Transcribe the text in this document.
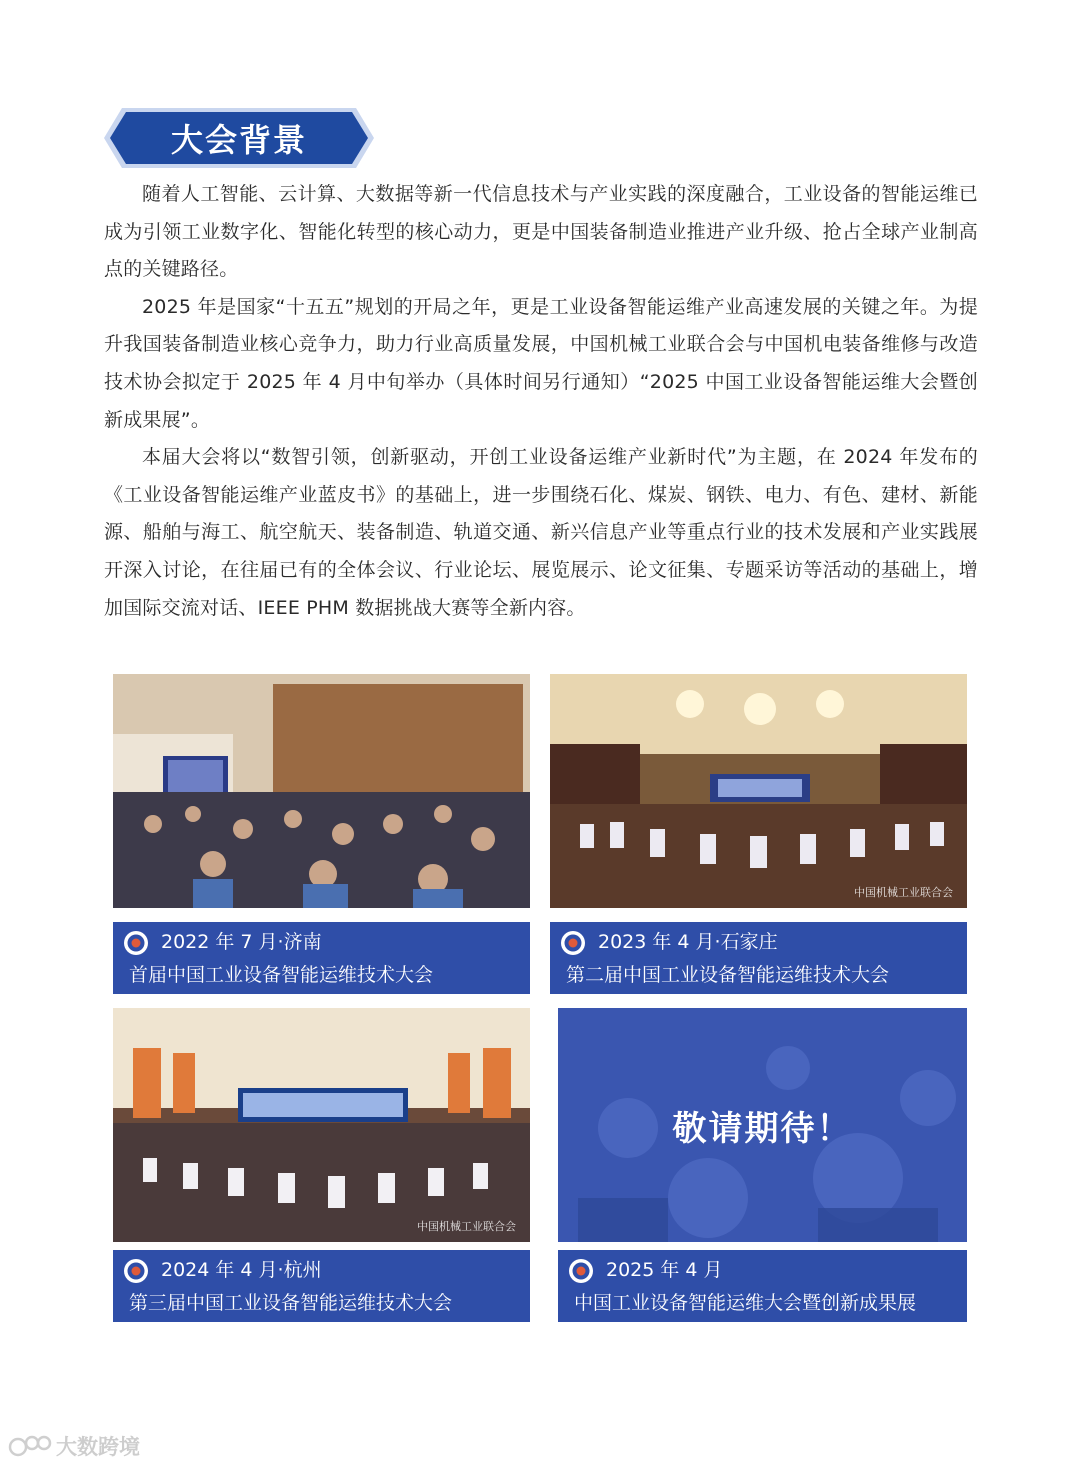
大会背景

随着人工智能、云计算、大数据等新一代信息技术与产业实践的深度融合，工业设备的智能运维已成为引领工业数字化、智能化转型的核心动力，更是中国装备制造业推进产业升级、抢占全球产业制高点的关键路径。

2025 年是国家“十五五”规划的开局之年，更是工业设备智能运维产业高速发展的关键之年。为提升我国装备制造业核心竞争力，助力行业高质量发展，中国机械工业联合会与中国机电装备维修与改造技术协会拟定于 2025 年 4 月中旬举办（具体时间另行通知）“2025 中国工业设备智能运维大会暨创新成果展”。

本届大会将以“数智引领，创新驱动，开创工业设备运维产业新时代”为主题，在 2024 年发布的《工业设备智能运维产业蓝皮书》的基础上，进一步围绕石化、煤炭、钢铁、电力、有色、建材、新能源、船舶与海工、航空航天、装备制造、轨道交通、新兴信息产业等重点行业的技术发展和产业实践展开深入讨论，在往届已有的全体会议、行业论坛、展览展示、论文征集、专题采访等活动的基础上，增加国际交流对话、IEEE PHM 数据挑战大赛等全新内容。

2022 年 7 月·济南
首届中国工业设备智能运维技术大会
中国机械工业联合会
2023 年 4 月·石家庄
第二届中国工业设备智能运维技术大会
中国机械工业联合会
2024 年 4 月·杭州
第三届中国工业设备智能运维技术大会
敬请期待！
2025 年 4 月
中国工业设备智能运维大会暨创新成果展
大数跨境
